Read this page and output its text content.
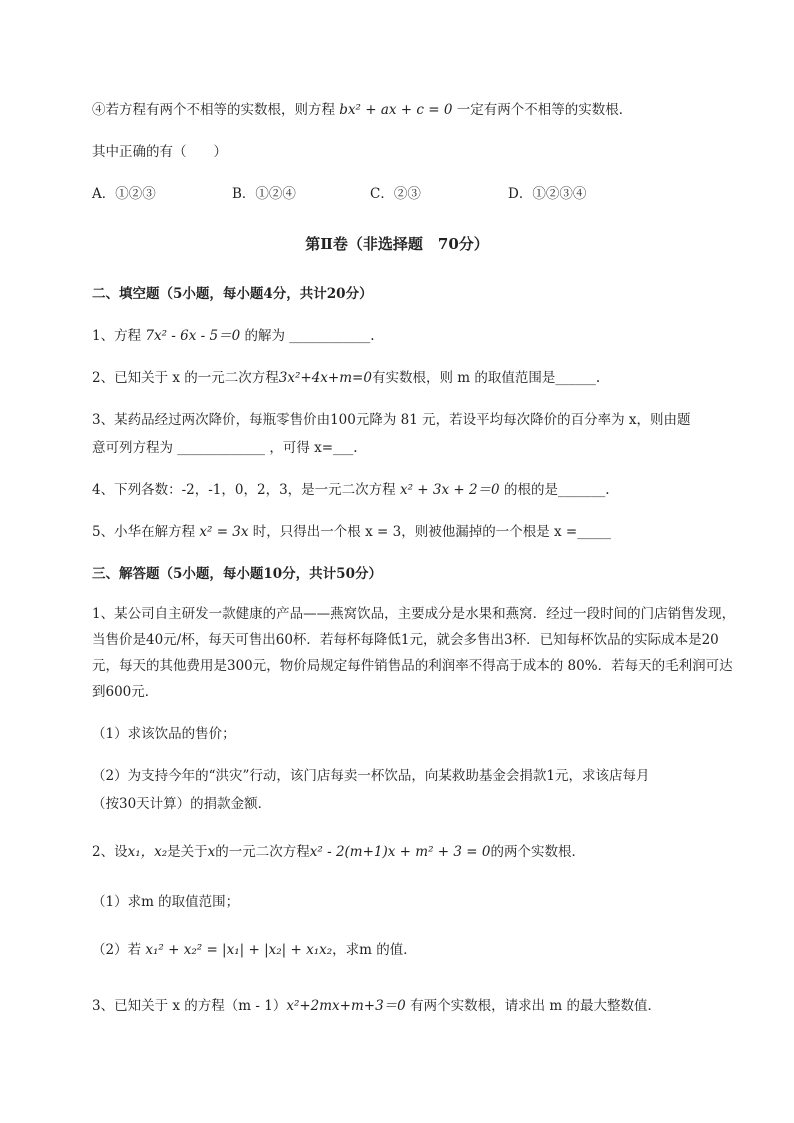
④若方程有两个不相等的实数根，则方程 bx² + ax + c = 0 一定有两个不相等的实数根．
其中正确的有（　　）
A．①②③	B．①②④	C．②③	D．①②③④
第Ⅱ卷（非选择题　70分）
二、填空题（5小题，每小题4分，共计20分）
1、方程 7x² - 6x - 5＝0 的解为 ____________.
2、已知关于 x 的一元二次方程3x²+4x+m=0有实数根，则 m 的取值范围是______.
3、某药品经过两次降价，每瓶零售价由100元降为 81 元，若设平均每次降价的百分率为 x，则由题
意可列方程为 _____________ ，可得 x=___.
4、下列各数：-2，-1，0，2，3，是一元二次方程 x² + 3x + 2＝0 的根的是_______.
5、小华在解方程 x² = 3x 时，只得出一个根 x = 3，则被他漏掉的一个根是 x =_____
三、解答题（5小题，每小题10分，共计50分）
1、某公司自主研发一款健康的产品——燕窝饮品，主要成分是水果和燕窝．经过一段时间的门店销售发现，当售价是40元/杯，每天可售出60杯．若每杯每降低1元，就会多售出3杯．已知每杯饮品的实际成本是20元，每天的其他费用是300元，物价局规定每件销售品的利润率不得高于成本的 80%．若每天的毛利润可达到600元．
（1）求该饮品的售价；
（2）为支持今年的“洪灾”行动，该门店每卖一杯饮品，向某救助基金会捐款1元，求该店每月
（按30天计算）的捐款金额．
2、设x₁，x₂是关于x的一元二次方程x² - 2(m+1)x + m² + 3 = 0的两个实数根．
（1）求m 的取值范围；
（2）若 x₁² + x₂² = |x₁| + |x₂| + x₁x₂，求m 的值．
3、已知关于 x 的方程（m - 1）x²+2mx+m+3＝0 有两个实数根，请求出 m 的最大整数值．
